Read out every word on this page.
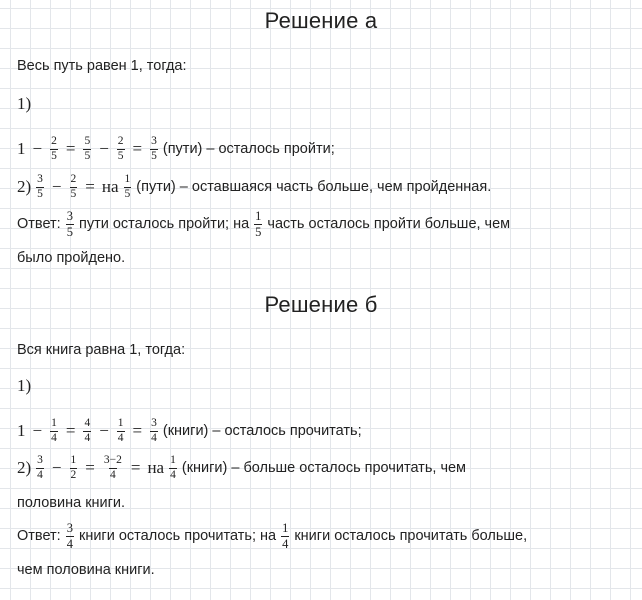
Решение а
Весь путь равен 1, тогда:
1)
$1 - \frac{2}{5} = \frac{5}{5} - \frac{2}{5} = \frac{3}{5}$ (пути) – осталось пройти;
$2) \frac{3}{5} - \frac{2}{5}$ = на $\frac{1}{5}$ (пути) – оставшаяся часть больше, чем пройденная.
Ответ: $\frac{3}{5}$ пути осталось пройти; на $\frac{1}{5}$ часть осталось пройти больше, чем
было пройдено.
Решение б
Вся книга равна 1, тогда:
1)
$1 - \frac{1}{4} = \frac{4}{4} - \frac{1}{4} = \frac{3}{4}$ (книги) – осталось прочитать;
$2) \frac{3}{4} - \frac{1}{2} = \frac{3-2}{4}$ = на $\frac{1}{4}$ (книги) – больше осталось прочитать, чем
половина книги.
Ответ: $\frac{3}{4}$ книги осталось прочитать; на $\frac{1}{4}$ книги осталось прочитать больше,
чем половина книги.
